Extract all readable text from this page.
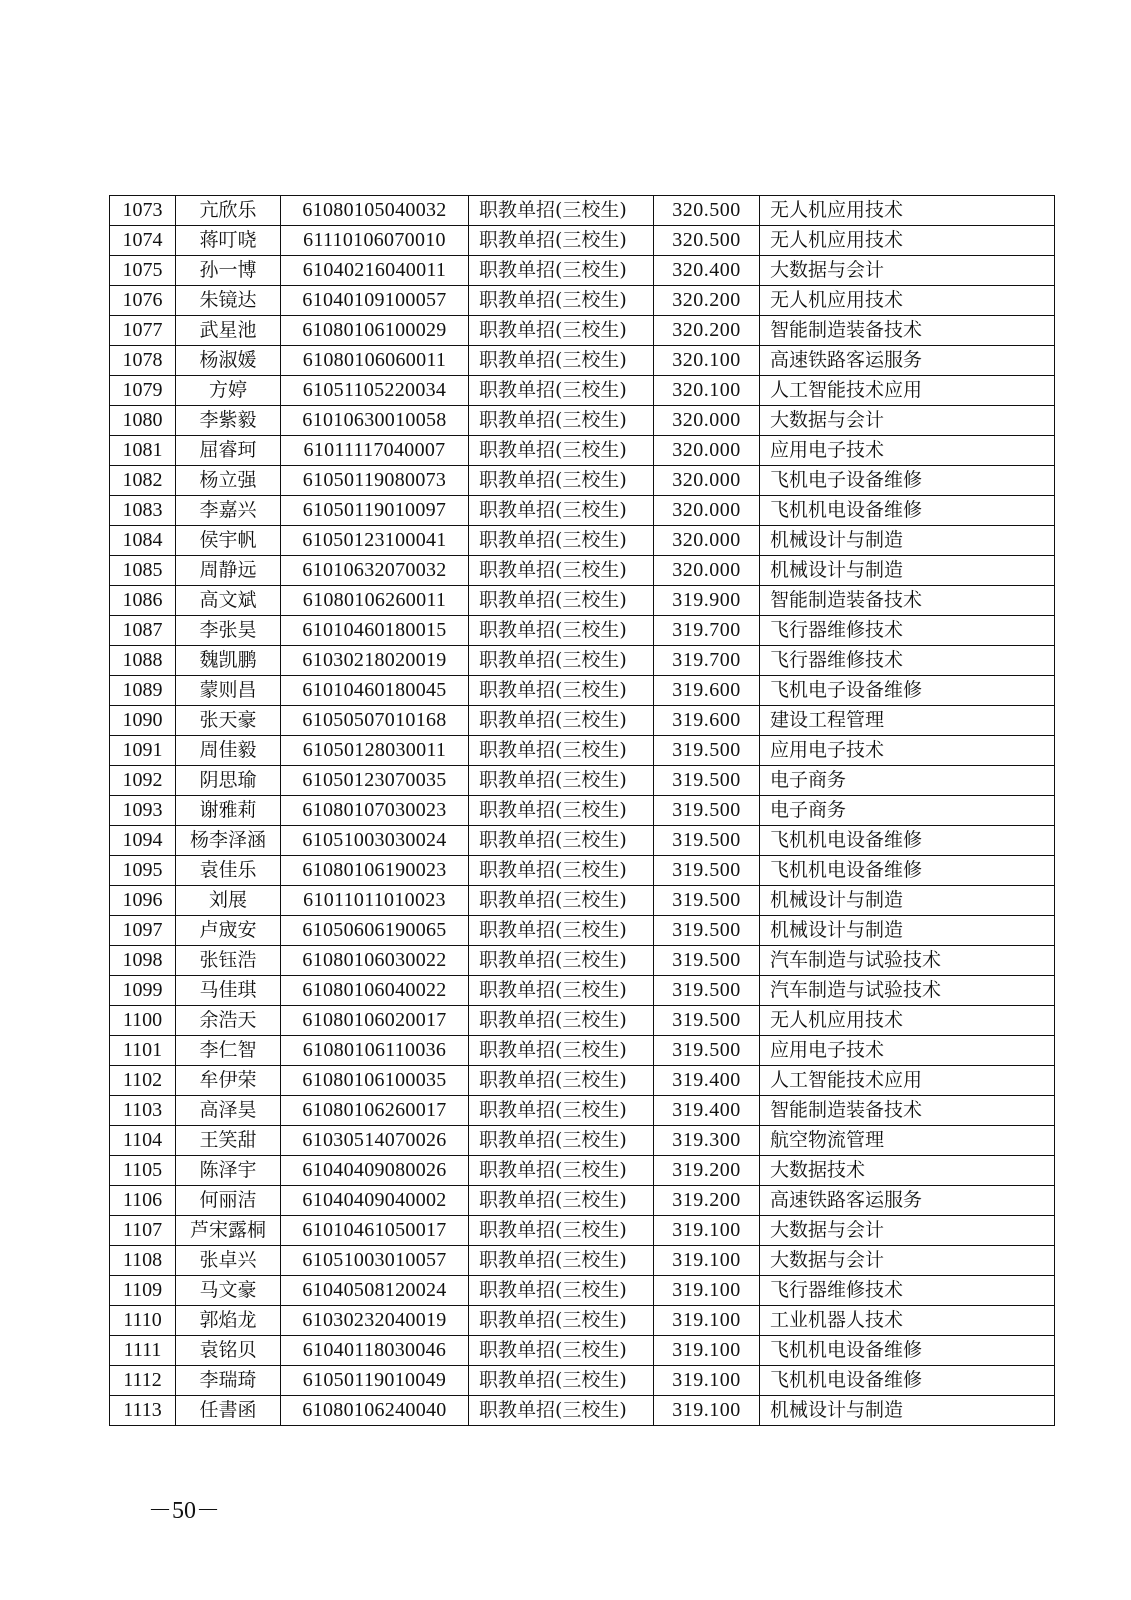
1073	亢欣乐	61080105040032	职教单招(三校生)	320.500	无人机应用技术
1074	蒋叮哓	61110106070010	职教单招(三校生)	320.500	无人机应用技术
1075	孙一博	61040216040011	职教单招(三校生)	320.400	大数据与会计
1076	朱镜达	61040109100057	职教单招(三校生)	320.200	无人机应用技术
1077	武星池	61080106100029	职教单招(三校生)	320.200	智能制造装备技术
1078	杨淑媛	61080106060011	职教单招(三校生)	320.100	高速铁路客运服务
1079	方婷	61051105220034	职教单招(三校生)	320.100	人工智能技术应用
1080	李紫毅	61010630010058	职教单招(三校生)	320.000	大数据与会计
1081	屈睿珂	61011117040007	职教单招(三校生)	320.000	应用电子技术
1082	杨立强	61050119080073	职教单招(三校生)	320.000	飞机电子设备维修
1083	李嘉兴	61050119010097	职教单招(三校生)	320.000	飞机机电设备维修
1084	侯宇帆	61050123100041	职教单招(三校生)	320.000	机械设计与制造
1085	周静远	61010632070032	职教单招(三校生)	320.000	机械设计与制造
1086	高文斌	61080106260011	职教单招(三校生)	319.900	智能制造装备技术
1087	李张昊	61010460180015	职教单招(三校生)	319.700	飞行器维修技术
1088	魏凯鹏	61030218020019	职教单招(三校生)	319.700	飞行器维修技术
1089	蒙则昌	61010460180045	职教单招(三校生)	319.600	飞机电子设备维修
1090	张天豪	61050507010168	职教单招(三校生)	319.600	建设工程管理
1091	周佳毅	61050128030011	职教单招(三校生)	319.500	应用电子技术
1092	阴思瑜	61050123070035	职教单招(三校生)	319.500	电子商务
1093	谢雅莉	61080107030023	职教单招(三校生)	319.500	电子商务
1094	杨李泽涵	61051003030024	职教单招(三校生)	319.500	飞机机电设备维修
1095	袁佳乐	61080106190023	职教单招(三校生)	319.500	飞机机电设备维修
1096	刘展	61011011010023	职教单招(三校生)	319.500	机械设计与制造
1097	卢宬安	61050606190065	职教单招(三校生)	319.500	机械设计与制造
1098	张钰浩	61080106030022	职教单招(三校生)	319.500	汽车制造与试验技术
1099	马佳琪	61080106040022	职教单招(三校生)	319.500	汽车制造与试验技术
1100	余浩天	61080106020017	职教单招(三校生)	319.500	无人机应用技术
1101	李仁智	61080106110036	职教单招(三校生)	319.500	应用电子技术
1102	牟伊荣	61080106100035	职教单招(三校生)	319.400	人工智能技术应用
1103	高泽昊	61080106260017	职教单招(三校生)	319.400	智能制造装备技术
1104	王笑甜	61030514070026	职教单招(三校生)	319.300	航空物流管理
1105	陈泽宇	61040409080026	职教单招(三校生)	319.200	大数据技术
1106	何丽洁	61040409040002	职教单招(三校生)	319.200	高速铁路客运服务
1107	芦宋露桐	61010461050017	职教单招(三校生)	319.100	大数据与会计
1108	张卓兴	61051003010057	职教单招(三校生)	319.100	大数据与会计
1109	马文豪	61040508120024	职教单招(三校生)	319.100	飞行器维修技术
1110	郭焰龙	61030232040019	职教单招(三校生)	319.100	工业机器人技术
1111	袁铭贝	61040118030046	职教单招(三校生)	319.100	飞机机电设备维修
1112	李瑞琦	61050119010049	职教单招(三校生)	319.100	飞机机电设备维修
1113	任書函	61080106240040	职教单招(三校生)	319.100	机械设计与制造
－50－
